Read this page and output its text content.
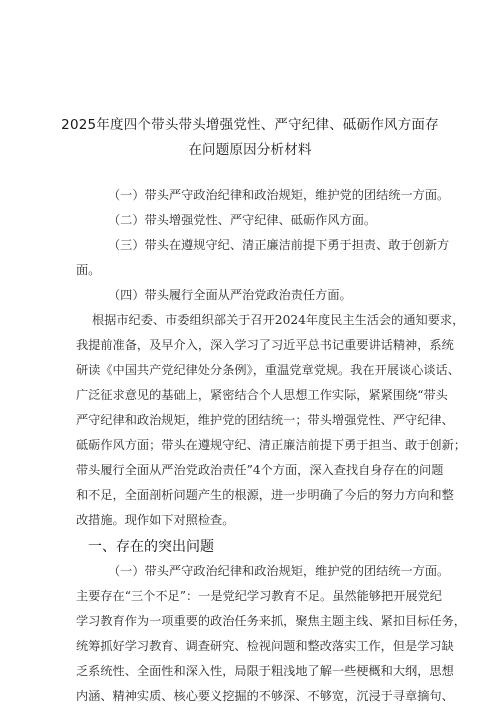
2025年度四个带头带头增强党性、严守纪律、砥砺作风方面存
在问题原因分析材料
（一）带头严守政治纪律和政治规矩，维护党的团结统一方面。
（二）带头增强党性、严守纪律、砥砺作风方面。
（三）带头在遵规守纪、清正廉洁前提下勇于担责、敢于创新方
面。
（四）带头履行全面从严治党政治责任方面。
根据市纪委、市委组织部关于召开2024年度民主生活会的通知要求，
我提前准备，及早介入，深入学习了习近平总书记重要讲话精神，系统
研读《中国共产党纪律处分条例》，重温党章党规。我在开展谈心谈话、
广泛征求意见的基础上，紧密结合个人思想工作实际，紧紧围绕“带头
严守纪律和政治规矩，维护党的团结统一；带头增强党性、严守纪律、
砥砺作风方面；带头在遵规守纪、清正廉洁前提下勇于担当、敢于创新；
带头履行全面从严治党政治责任”4个方面，深入查找自身存在的问题
和不足，全面剖析问题产生的根源，进一步明确了今后的努力方向和整
改措施。现作如下对照检查。
一、存在的突出问题
（一）带头严守政治纪律和政治规矩，维护党的团结统一方面。
主要存在“三个不足”：一是党纪学习教育不足。虽然能够把开展党纪
学习教育作为一项重要的政治任务来抓，聚焦主题主线、紧扣目标任务，
统筹抓好学习教育、调查研究、检视问题和整改落实工作，但是学习缺
乏系统性、全面性和深入性，局限于粗浅地了解一些梗概和大纲，思想
内涵、精神实质、核心要义挖掘的不够深、不够宽，沉浸于寻章摘句、
